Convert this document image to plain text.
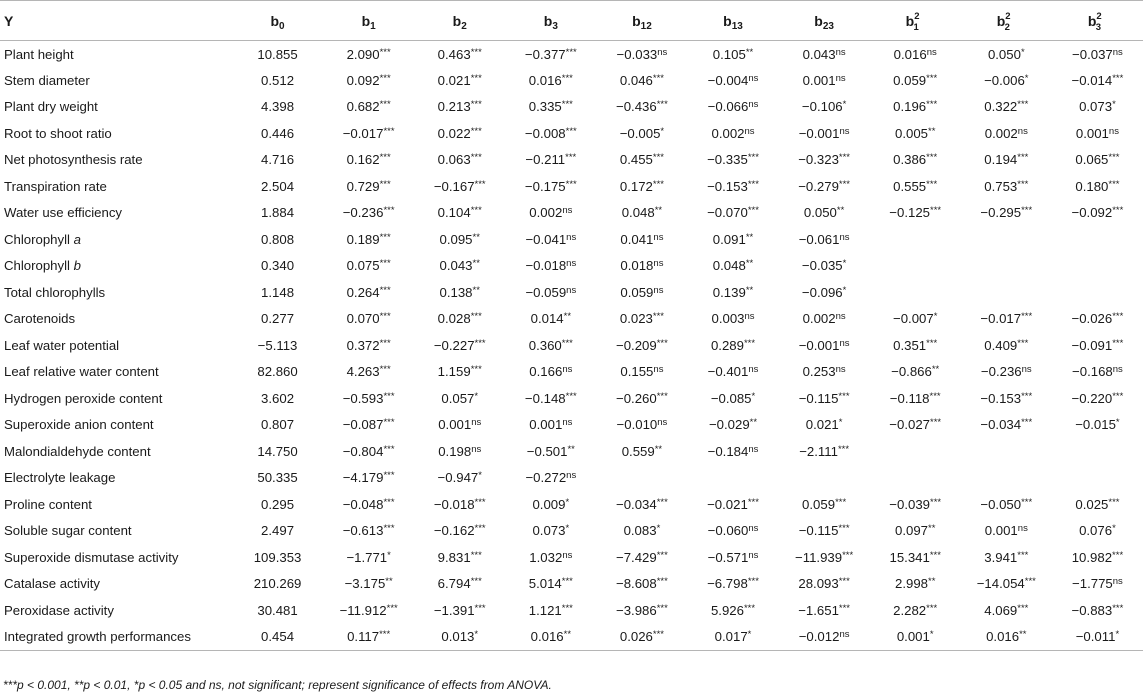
Y	$b_0$	$b_1$	$b_2$	$b_3$	$b_{12}$	$b_{13}$	$b_{23}$	$b^2_1$	$b^2_2$	$b^2_3$
Plant height	10.855	2.090***	0.463***	−0.377***	$-0.033^{ns}$	0.105**	$0.043^{ns}$	$0.016^{ns}$	0.050*	$-0.037^{ns}$
Stem diameter	0.512	0.092***	0.021***	0.016***	0.046***	$-0.004^{ns}$	$0.001^{ns}$	0.059***	−0.006*	−0.014***
Plant dry weight	4.398	0.682***	0.213***	0.335***	−0.436***	$-0.066^{ns}$	−0.106*	0.196***	0.322***	0.073*
Root to shoot ratio	0.446	−0.017***	0.022***	−0.008***	−0.005*	$0.002^{ns}$	$-0.001^{ns}$	0.005**	$0.002^{ns}$	$0.001^{ns}$
Net photosynthesis rate	4.716	0.162***	0.063***	−0.211***	0.455***	−0.335***	−0.323***	0.386***	0.194***	0.065***
Transpiration rate	2.504	0.729***	−0.167***	−0.175***	0.172***	−0.153***	−0.279***	0.555***	0.753***	0.180***
Water use efficiency	1.884	−0.236***	0.104***	$0.002^{ns}$	0.048**	−0.070***	0.050**	−0.125***	−0.295***	−0.092***
Chlorophyll a	0.808	0.189***	0.095**	$-0.041^{ns}$	$0.041^{ns}$	0.091**	$-0.061^{ns}$			
Chlorophyll b	0.340	0.075***	0.043**	$-0.018^{ns}$	$0.018^{ns}$	0.048**	−0.035*			
Total chlorophylls	1.148	0.264***	0.138**	$-0.059^{ns}$	$0.059^{ns}$	0.139**	−0.096*			
Carotenoids	0.277	0.070***	0.028***	0.014**	0.023***	$0.003^{ns}$	$0.002^{ns}$	−0.007*	−0.017***	−0.026***
Leaf water potential	−5.113	0.372***	−0.227***	0.360***	−0.209***	0.289***	$-0.001^{ns}$	0.351***	0.409***	−0.091***
Leaf relative water content	82.860	4.263***	1.159***	$0.166^{ns}$	$0.155^{ns}$	$-0.401^{ns}$	$0.253^{ns}$	−0.866**	$-0.236^{ns}$	$-0.168^{ns}$
Hydrogen peroxide content	3.602	−0.593***	0.057*	−0.148***	−0.260***	−0.085*	−0.115***	−0.118***	−0.153***	−0.220***
Superoxide anion content	0.807	−0.087***	$0.001^{ns}$	$0.001^{ns}$	$-0.010^{ns}$	−0.029**	0.021*	−0.027***	−0.034***	−0.015*
Malondialdehyde content	14.750	−0.804***	$0.198^{ns}$	−0.501**	0.559**	$-0.184^{ns}$	−2.111***			
Electrolyte leakage	50.335	−4.179***	−0.947*	$-0.272^{ns}$						
Proline content	0.295	−0.048***	−0.018***	0.009*	−0.034***	−0.021***	0.059***	−0.039***	−0.050***	0.025***
Soluble sugar content	2.497	−0.613***	−0.162***	0.073*	0.083*	$-0.060^{ns}$	−0.115***	0.097**	$0.001^{ns}$	0.076*
Superoxide dismutase activity	109.353	−1.771*	9.831***	$1.032^{ns}$	−7.429***	$-0.571^{ns}$	−11.939***	15.341***	3.941***	10.982***
Catalase activity	210.269	−3.175**	6.794***	5.014***	−8.608***	−6.798***	28.093***	2.998**	−14.054***	$-1.775^{ns}$
Peroxidase activity	30.481	−11.912***	−1.391***	1.121***	−3.986***	5.926***	−1.651***	2.282***	4.069***	−0.883***
Integrated growth performances	0.454	0.117***	0.013*	0.016**	0.026***	0.017*	$-0.012^{ns}$	0.001*	0.016**	−0.011*
***p < 0.001, **p < 0.01, *p < 0.05 and ns, not significant; represent significance of effects from ANOVA.
